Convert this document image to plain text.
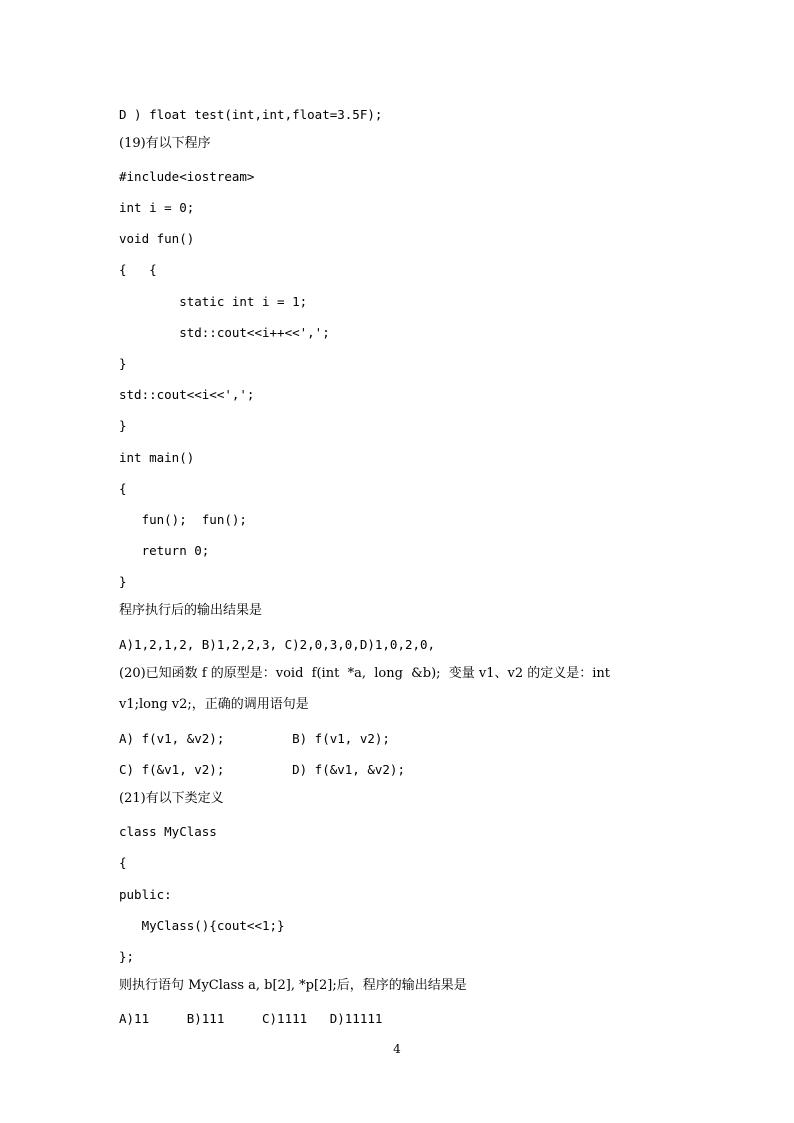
D ) float test(int,int,float=3.5F);
(19)有以下程序
#include<iostream>
int i = 0;
void fun()
{   {
static int i = 1;
std::cout<<i++<<',';
}
std::cout<<i<<',';
}
int main()
{
fun();  fun();
return 0;
}
程序执行后的输出结果是
A)1,2,1,2, B)1,2,2,3, C)2,0,3,0,D)1,0,2,0,
(20)已知函数 f 的原型是：void  f(int  *a,  long  &b);  变量 v1、v2 的定义是：int
v1;long v2;，正确的调用语句是
A) f(v1, &v2);         B) f(v1, v2);
C) f(&v1, v2);         D) f(&v1, &v2);
(21)有以下类定义
class MyClass
{
public:
MyClass(){cout<<1;}
};
则执行语句 MyClass a, b[2], *p[2];后，程序的输出结果是
A)11     B)111     C)1111   D)11111
4
